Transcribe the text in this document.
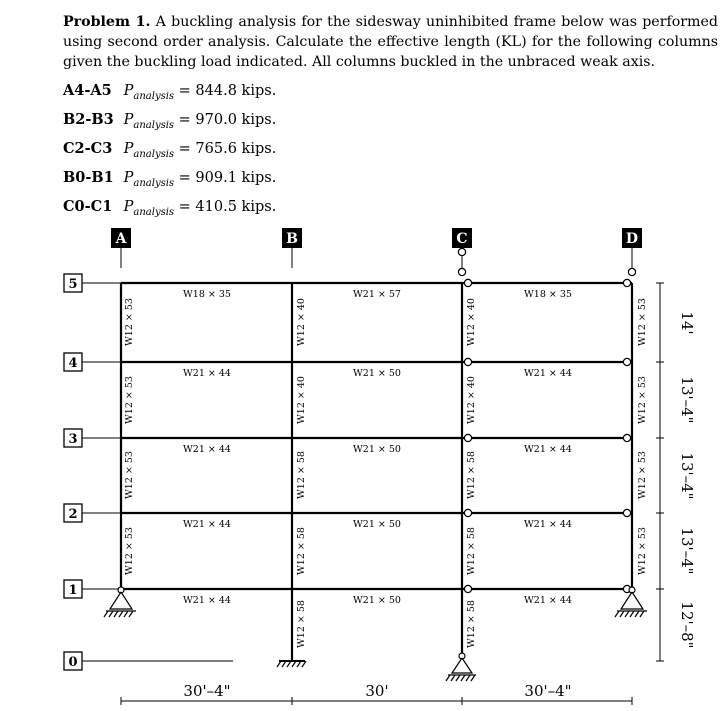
Problem 1. A buckling analysis for the sidesway uninhibited frame below was performed using second order analysis. Calculate the effective length (KL) for the following columns given the buckling load indicated. All columns buckled in the unbraced weak axis.
A4-A5 $P_{analysis} = 844.8$ kips.
B2-B3 $P_{analysis} = 970.0$ kips.
C2-C3 $P_{analysis} = 765.6$ kips.
B0-B1 $P_{analysis} = 909.1$ kips.
C0-C1 $P_{analysis} = 410.5$ kips.
A	B	C	D
5
4
3
2
1
0
W18 × 35	W21 × 57	W18 × 35
W21 × 44	W21 × 50	W21 × 44
W21 × 44	W21 × 50	W21 × 44
W21 × 44	W21 × 50	W21 × 44
W21 × 44	W21 × 50	W21 × 44
W12 × 53
W12 × 53
W12 × 53
W12 × 53
W12 × 40
W12 × 40
W12 × 58
W12 × 58
W12 × 58
W12 × 40
W12 × 40
W12 × 58
W12 × 58
W12 × 58
W12 × 53
W12 × 53
W12 × 53
W12 × 53
14'
13'–4"
13'–4"
13'–4"
12'–8"
30'–4"	30'	30'–4"
